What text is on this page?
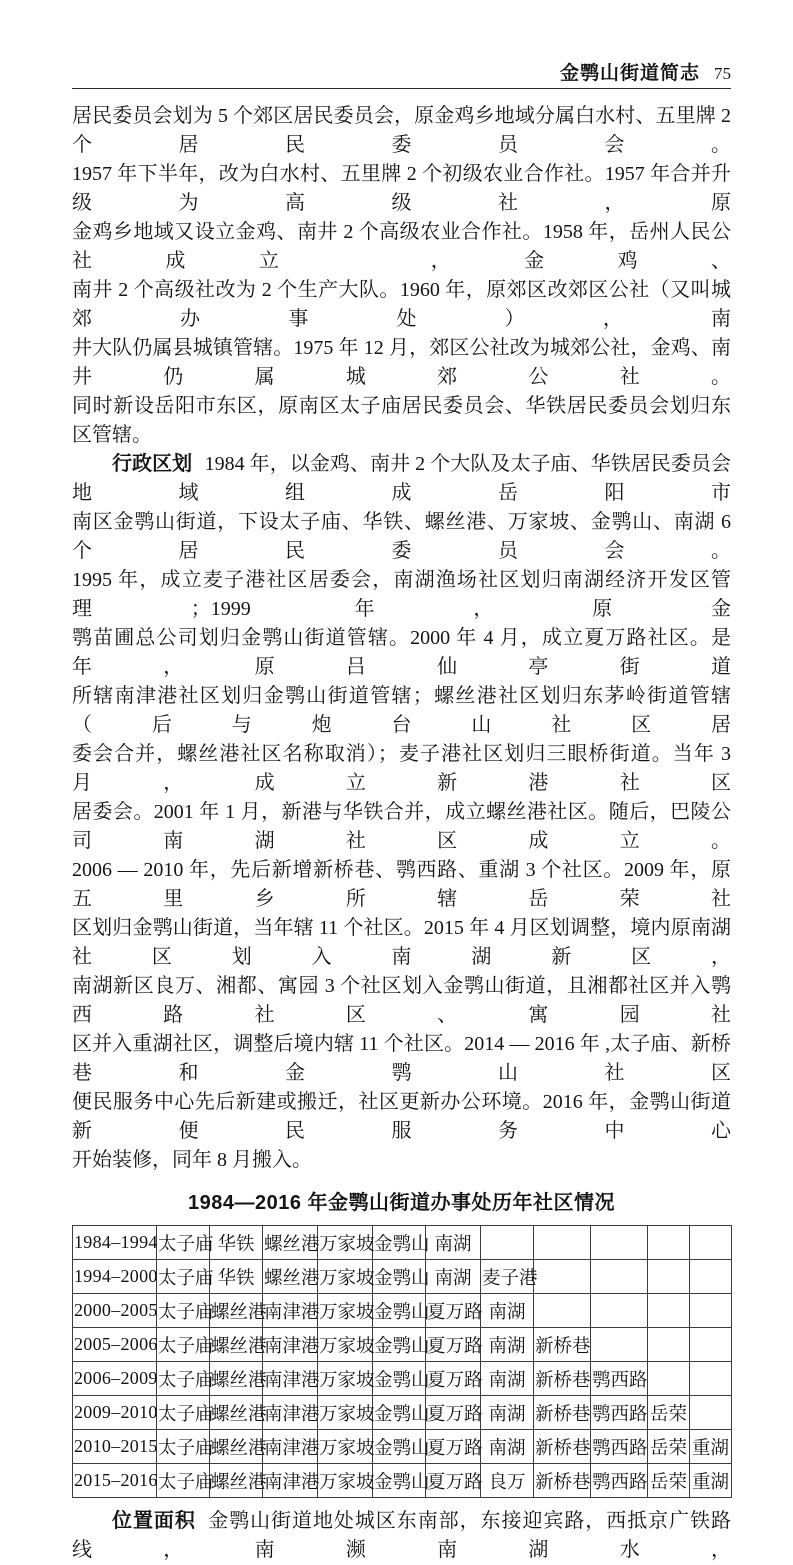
金鹗山街道简志 75
居民委员会划为 5 个郊区居民委员会，原金鸡乡地域分属白水村、五里牌 2 个居民委员会。
1957 年下半年，改为白水村、五里牌 2 个初级农业合作社。1957 年合并升级为高级社，原
金鸡乡地域又设立金鸡、南井 2 个高级农业合作社。1958 年，岳州人民公社成立 ，金鸡、
南井 2 个高级社改为 2 个生产大队。1960 年，原郊区改郊区公社（又叫城郊办事处），南
井大队仍属县城镇管辖。1975 年 12 月，郊区公社改为城郊公社，金鸡、南井仍属城郊公社。
同时新设岳阳市东区，原南区太子庙居民委员会、华铁居民委员会划归东区管辖。
行政区划 1984 年，以金鸡、南井 2 个大队及太子庙、华铁居民委员会地域组成岳阳市
南区金鹗山街道，下设太子庙、华铁、螺丝港、万家坡、金鹗山、南湖 6 个居民委员会。
1995 年，成立麦子港社区居委会，南湖渔场社区划归南湖经济开发区管理；1999 年，原金
鹗苗圃总公司划归金鹗山街道管辖。2000 年 4 月，成立夏万路社区。是年，原吕仙亭街道
所辖南津港社区划归金鹗山街道管辖；螺丝港社区划归东茅岭街道管辖（后与炮台山社区居
委会合并，螺丝港社区名称取消）；麦子港社区划归三眼桥街道。当年 3 月，成立新港社区
居委会。2001 年 1 月，新港与华铁合并，成立螺丝港社区。随后，巴陵公司南湖社区成立。
2006 — 2010 年，先后新增新桥巷、鹗西路、重湖 3 个社区。2009 年，原五里乡所辖岳荣社
区划归金鹗山街道，当年辖 11 个社区。2015 年 4 月区划调整，境内原南湖社区划入南湖新区，
南湖新区良万、湘都、寓园 3 个社区划入金鹗山街道，且湘都社区并入鹗西路社区、寓园社
区并入重湖社区，调整后境内辖 11 个社区。2014 — 2016 年 ,太子庙、新桥巷和金鹗山社区
便民服务中心先后新建或搬迁，社区更新办公环境。2016 年，金鹗山街道新便民服务中心
开始装修，同年 8 月搬入。
1984—2016 年金鹗山街道办事处历年社区情况
1984–1994	太子庙	华铁	螺丝港	万家坡	金鹗山	南湖					
1994–2000	太子庙	华铁	螺丝港	万家坡	金鹗山	南湖	麦子港				
2000–2005	太子庙	螺丝港	南津港	万家坡	金鹗山	夏万路	南湖				
2005–2006	太子庙	螺丝港	南津港	万家坡	金鹗山	夏万路	南湖	新桥巷			
2006–2009	太子庙	螺丝港	南津港	万家坡	金鹗山	夏万路	南湖	新桥巷	鹗西路		
2009–2010	太子庙	螺丝港	南津港	万家坡	金鹗山	夏万路	南湖	新桥巷	鹗西路	岳荣	
2010–2015	太子庙	螺丝港	南津港	万家坡	金鹗山	夏万路	南湖	新桥巷	鹗西路	岳荣	重湖
2015–2016	太子庙	螺丝港	南津港	万家坡	金鹗山	夏万路	良万	新桥巷	鹗西路	岳荣	重湖
位置面积 金鹗山街道地处城区东南部，东接迎宾路，西抵京广铁路线，南濒南湖水，
